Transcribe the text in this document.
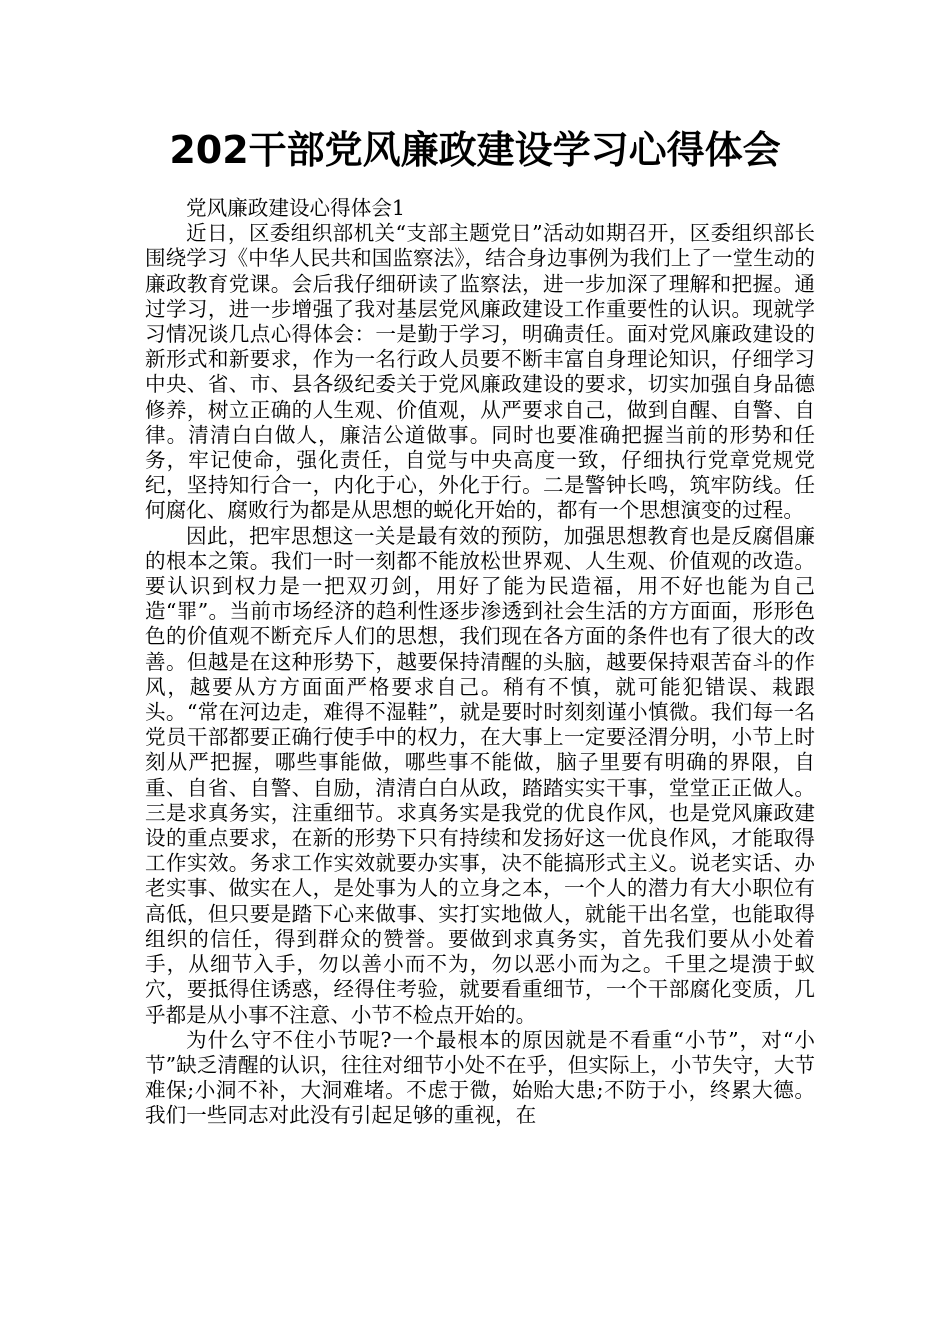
202干部党风廉政建设学习心得体会

党风廉政建设心得体会1

近日，区委组织部机关“支部主题党日”活动如期召开，区委组织部长围绕学习《中华人民共和国监察法》，结合身边事例为我们上了一堂生动的廉政教育党课。会后我仔细研读了监察法，进一步加深了理解和把握。通过学习，进一步增强了我对基层党风廉政建设工作重要性的认识。现就学习情况谈几点心得体会：一是勤于学习，明确责任。面对党风廉政建设的新形式和新要求，作为一名行政人员要不断丰富自身理论知识，仔细学习中央、省、市、县各级纪委关于党风廉政建设的要求，切实加强自身品德修养，树立正确的人生观、价值观，从严要求自己，做到自醒、自警、自律。清清白白做人，廉洁公道做事。同时也要准确把握当前的形势和任务，牢记使命，强化责任，自觉与中央高度一致，仔细执行党章党规党纪，坚持知行合一，内化于心，外化于行。二是警钟长鸣，筑牢防线。任何腐化、腐败行为都是从思想的蜕化开始的，都有一个思想演变的过程。

因此，把牢思想这一关是最有效的预防，加强思想教育也是反腐倡廉的根本之策。我们一时一刻都不能放松世界观、人生观、价值观的改造。要认识到权力是一把双刃剑，用好了能为民造福，用不好也能为自己造“罪”。当前市场经济的趋利性逐步渗透到社会生活的方方面面，形形色色的价值观不断充斥人们的思想，我们现在各方面的条件也有了很大的改善。但越是在这种形势下，越要保持清醒的头脑，越要保持艰苦奋斗的作风，越要从方方面面严格要求自己。稍有不慎，就可能犯错误、栽跟头。“常在河边走，难得不湿鞋”，就是要时时刻刻谨小慎微。我们每一名党员干部都要正确行使手中的权力，在大事上一定要泾渭分明，小节上时刻从严把握，哪些事能做，哪些事不能做，脑子里要有明确的界限，自重、自省、自警、自励，清清白白从政，踏踏实实干事，堂堂正正做人。三是求真务实，注重细节。求真务实是我党的优良作风，也是党风廉政建设的重点要求，在新的形势下只有持续和发扬好这一优良作风，才能取得工作实效。务求工作实效就要办实事，决不能搞形式主义。说老实话、办老实事、做实在人，是处事为人的立身之本，一个人的潜力有大小职位有高低，但只要是踏下心来做事、实打实地做人，就能干出名堂，也能取得组织的信任，得到群众的赞誉。要做到求真务实，首先我们要从小处着手，从细节入手，勿以善小而不为，勿以恶小而为之。千里之堤溃于蚁穴，要抵得住诱惑，经得住考验，就要看重细节，一个干部腐化变质，几乎都是从小事不注意、小节不检点开始的。

为什么守不住小节呢?一个最根本的原因就是不看重“小节”，对“小节”缺乏清醒的认识，往往对细节小处不在乎，但实际上，小节失守，大节难保;小洞不补，大洞难堵。不虑于微，始贻大患;不防于小，终累大德。我们一些同志对此没有引起足够的重视，在
